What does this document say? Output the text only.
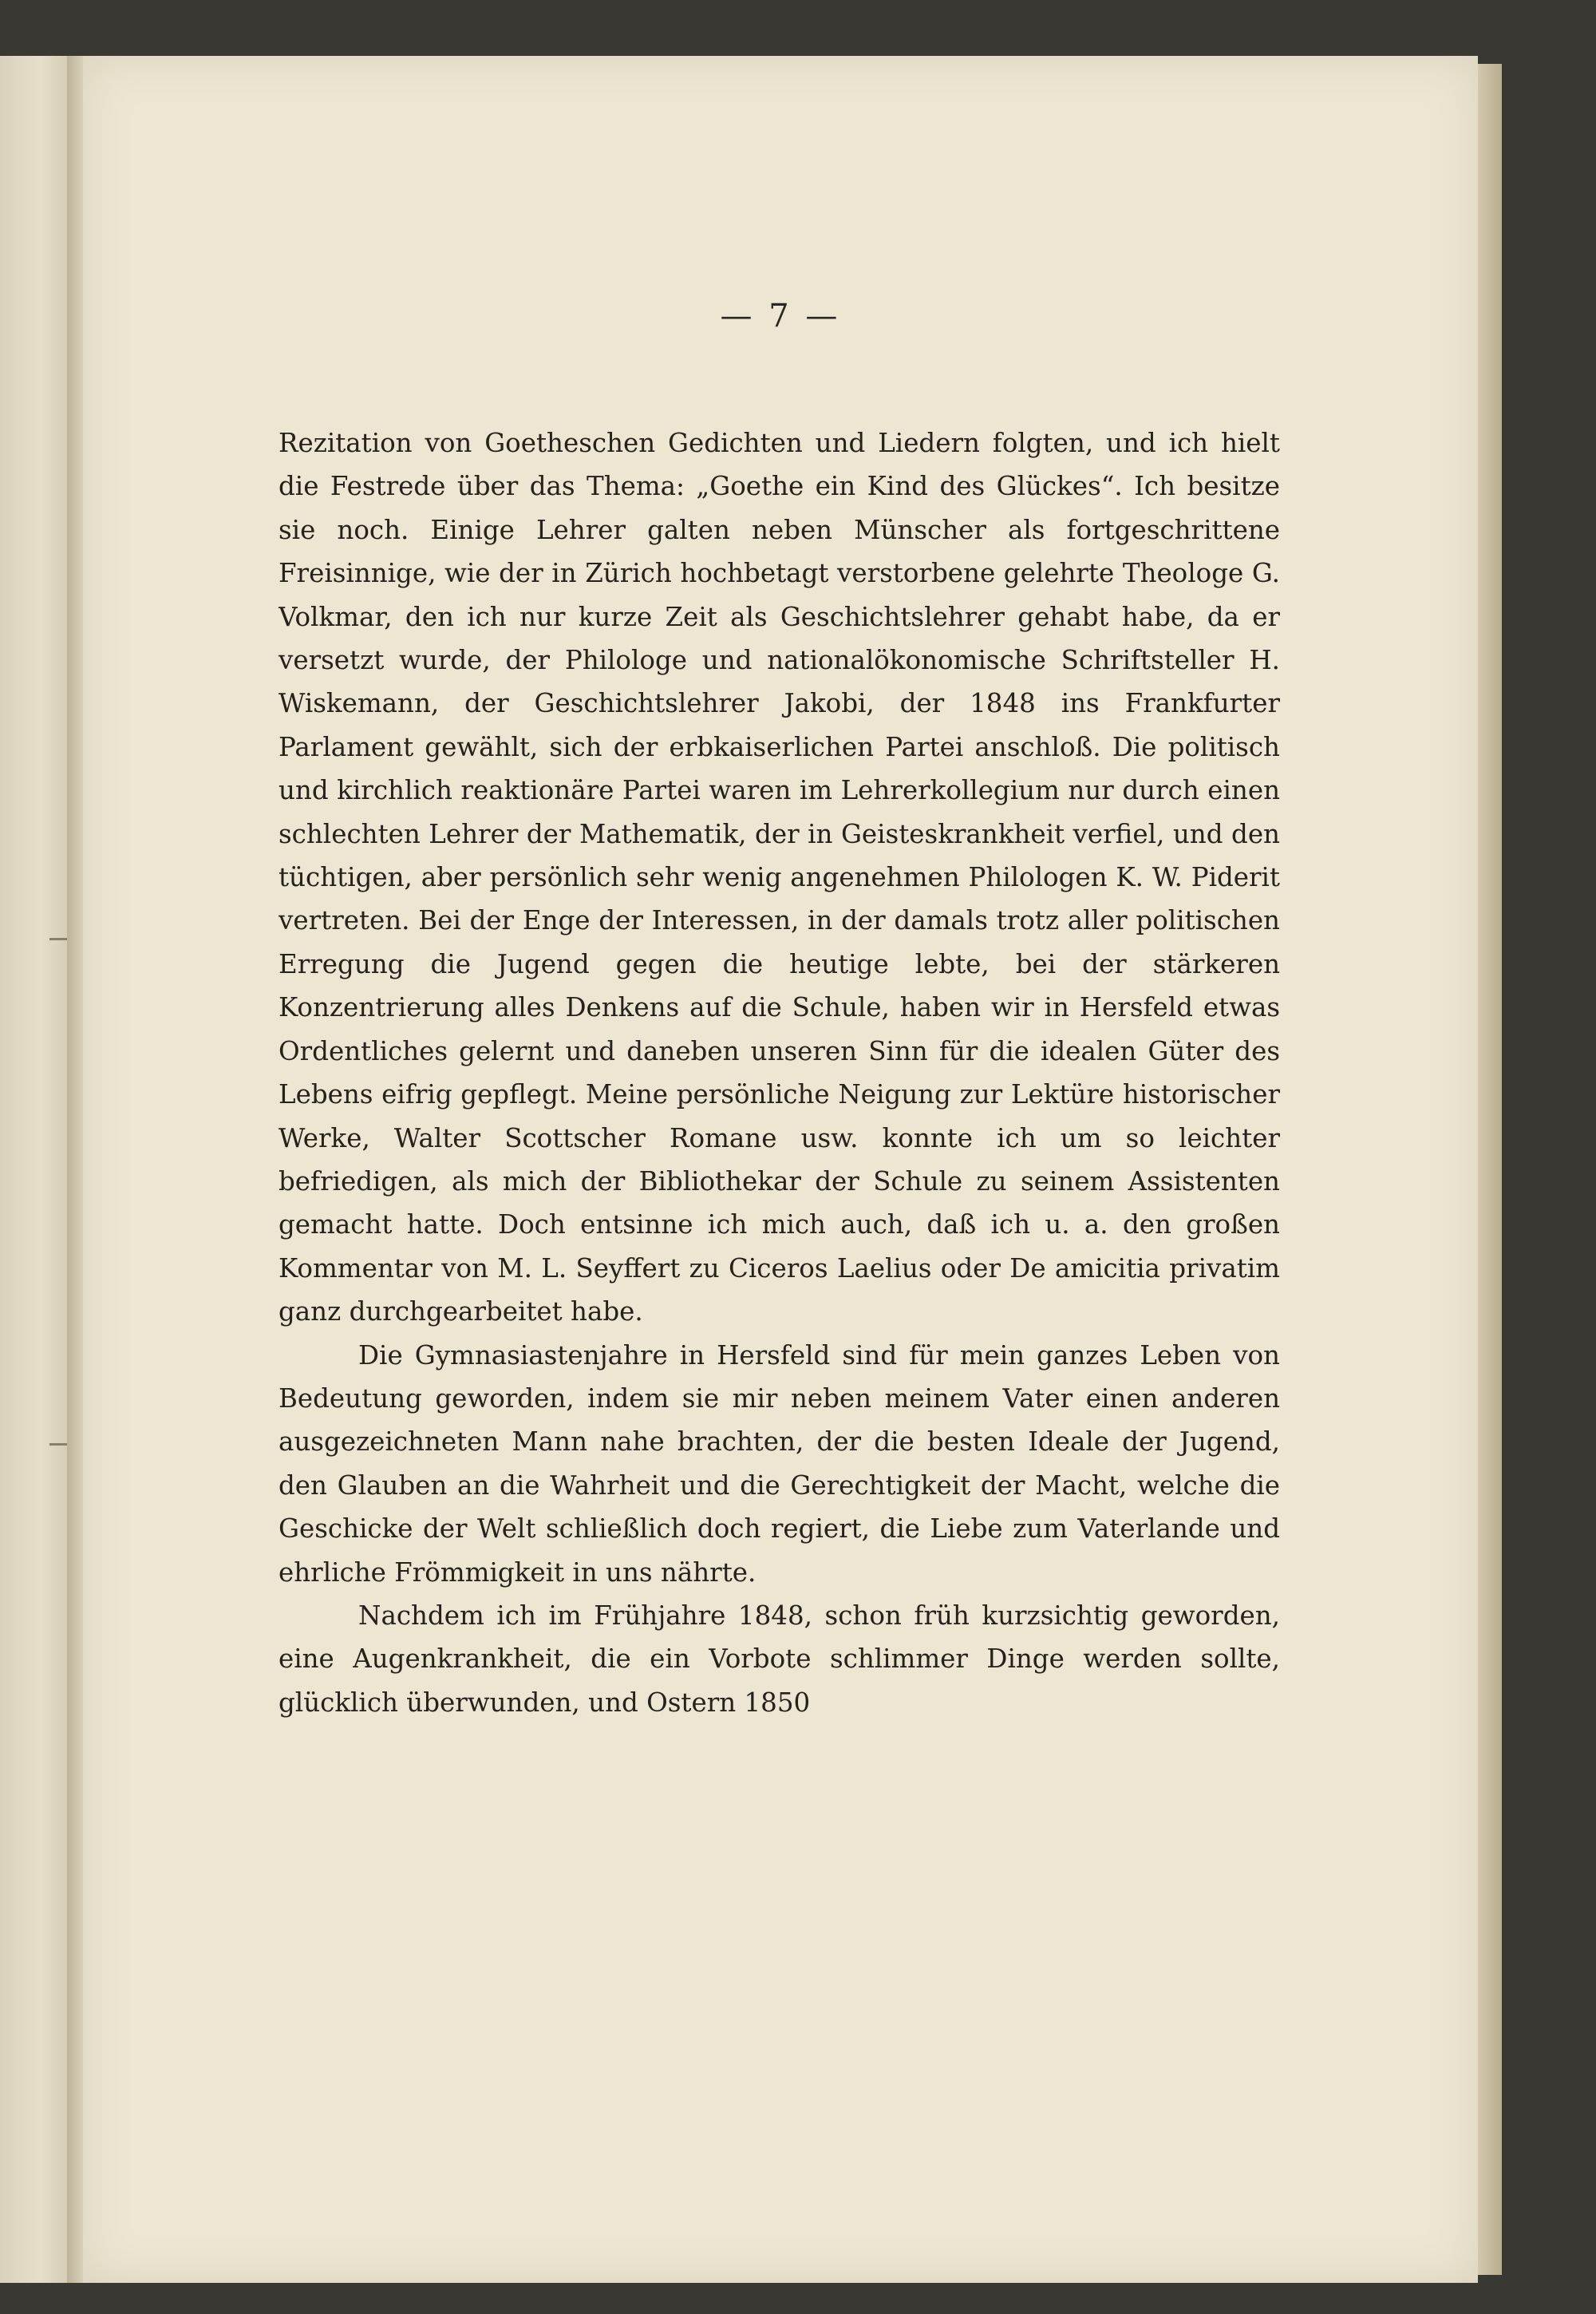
— 7 —

Rezitation von Goetheschen Gedichten und Liedern folgten, und ich hielt die Festrede über das Thema: „Goethe ein Kind des Glückes“. Ich besitze sie noch. Einige Lehrer galten neben Münscher als fortgeschrittene Freisinnige, wie der in Zürich hochbetagt verstorbene gelehrte Theologe G. Volkmar, den ich nur kurze Zeit als Geschichtslehrer gehabt habe, da er versetzt wurde, der Philologe und nationalökonomische Schriftsteller H. Wiskemann, der Geschichtslehrer Jakobi, der 1848 ins Frankfurter Parlament gewählt, sich der erbkaiserlichen Partei anschloß. Die politisch und kirchlich reaktionäre Partei waren im Lehrerkollegium nur durch einen schlechten Lehrer der Mathematik, der in Geisteskrankheit verfiel, und den tüchtigen, aber persönlich sehr wenig angenehmen Philologen K. W. Piderit vertreten. Bei der Enge der Interessen, in der damals trotz aller politischen Erregung die Jugend gegen die heutige lebte, bei der stärkeren Konzentrierung alles Denkens auf die Schule, haben wir in Hersfeld etwas Ordentliches gelernt und daneben unseren Sinn für die idealen Güter des Lebens eifrig gepflegt. Meine persönliche Neigung zur Lektüre historischer Werke, Walter Scottscher Romane usw. konnte ich um so leichter befriedigen, als mich der Bibliothekar der Schule zu seinem Assistenten gemacht hatte. Doch entsinne ich mich auch, daß ich u. a. den großen Kommentar von M. L. Seyffert zu Ciceros Laelius oder De amicitia privatim ganz durchgearbeitet habe.

Die Gymnasiastenjahre in Hersfeld sind für mein ganzes Leben von Bedeutung geworden, indem sie mir neben meinem Vater einen anderen ausgezeichneten Mann nahe brachten, der die besten Ideale der Jugend, den Glauben an die Wahrheit und die Gerechtigkeit der Macht, welche die Geschicke der Welt schließlich doch regiert, die Liebe zum Vaterlande und ehrliche Frömmigkeit in uns nährte.

Nachdem ich im Frühjahre 1848, schon früh kurzsichtig geworden, eine Augenkrankheit, die ein Vorbote schlimmer Dinge werden sollte, glücklich überwunden, und Ostern 1850
